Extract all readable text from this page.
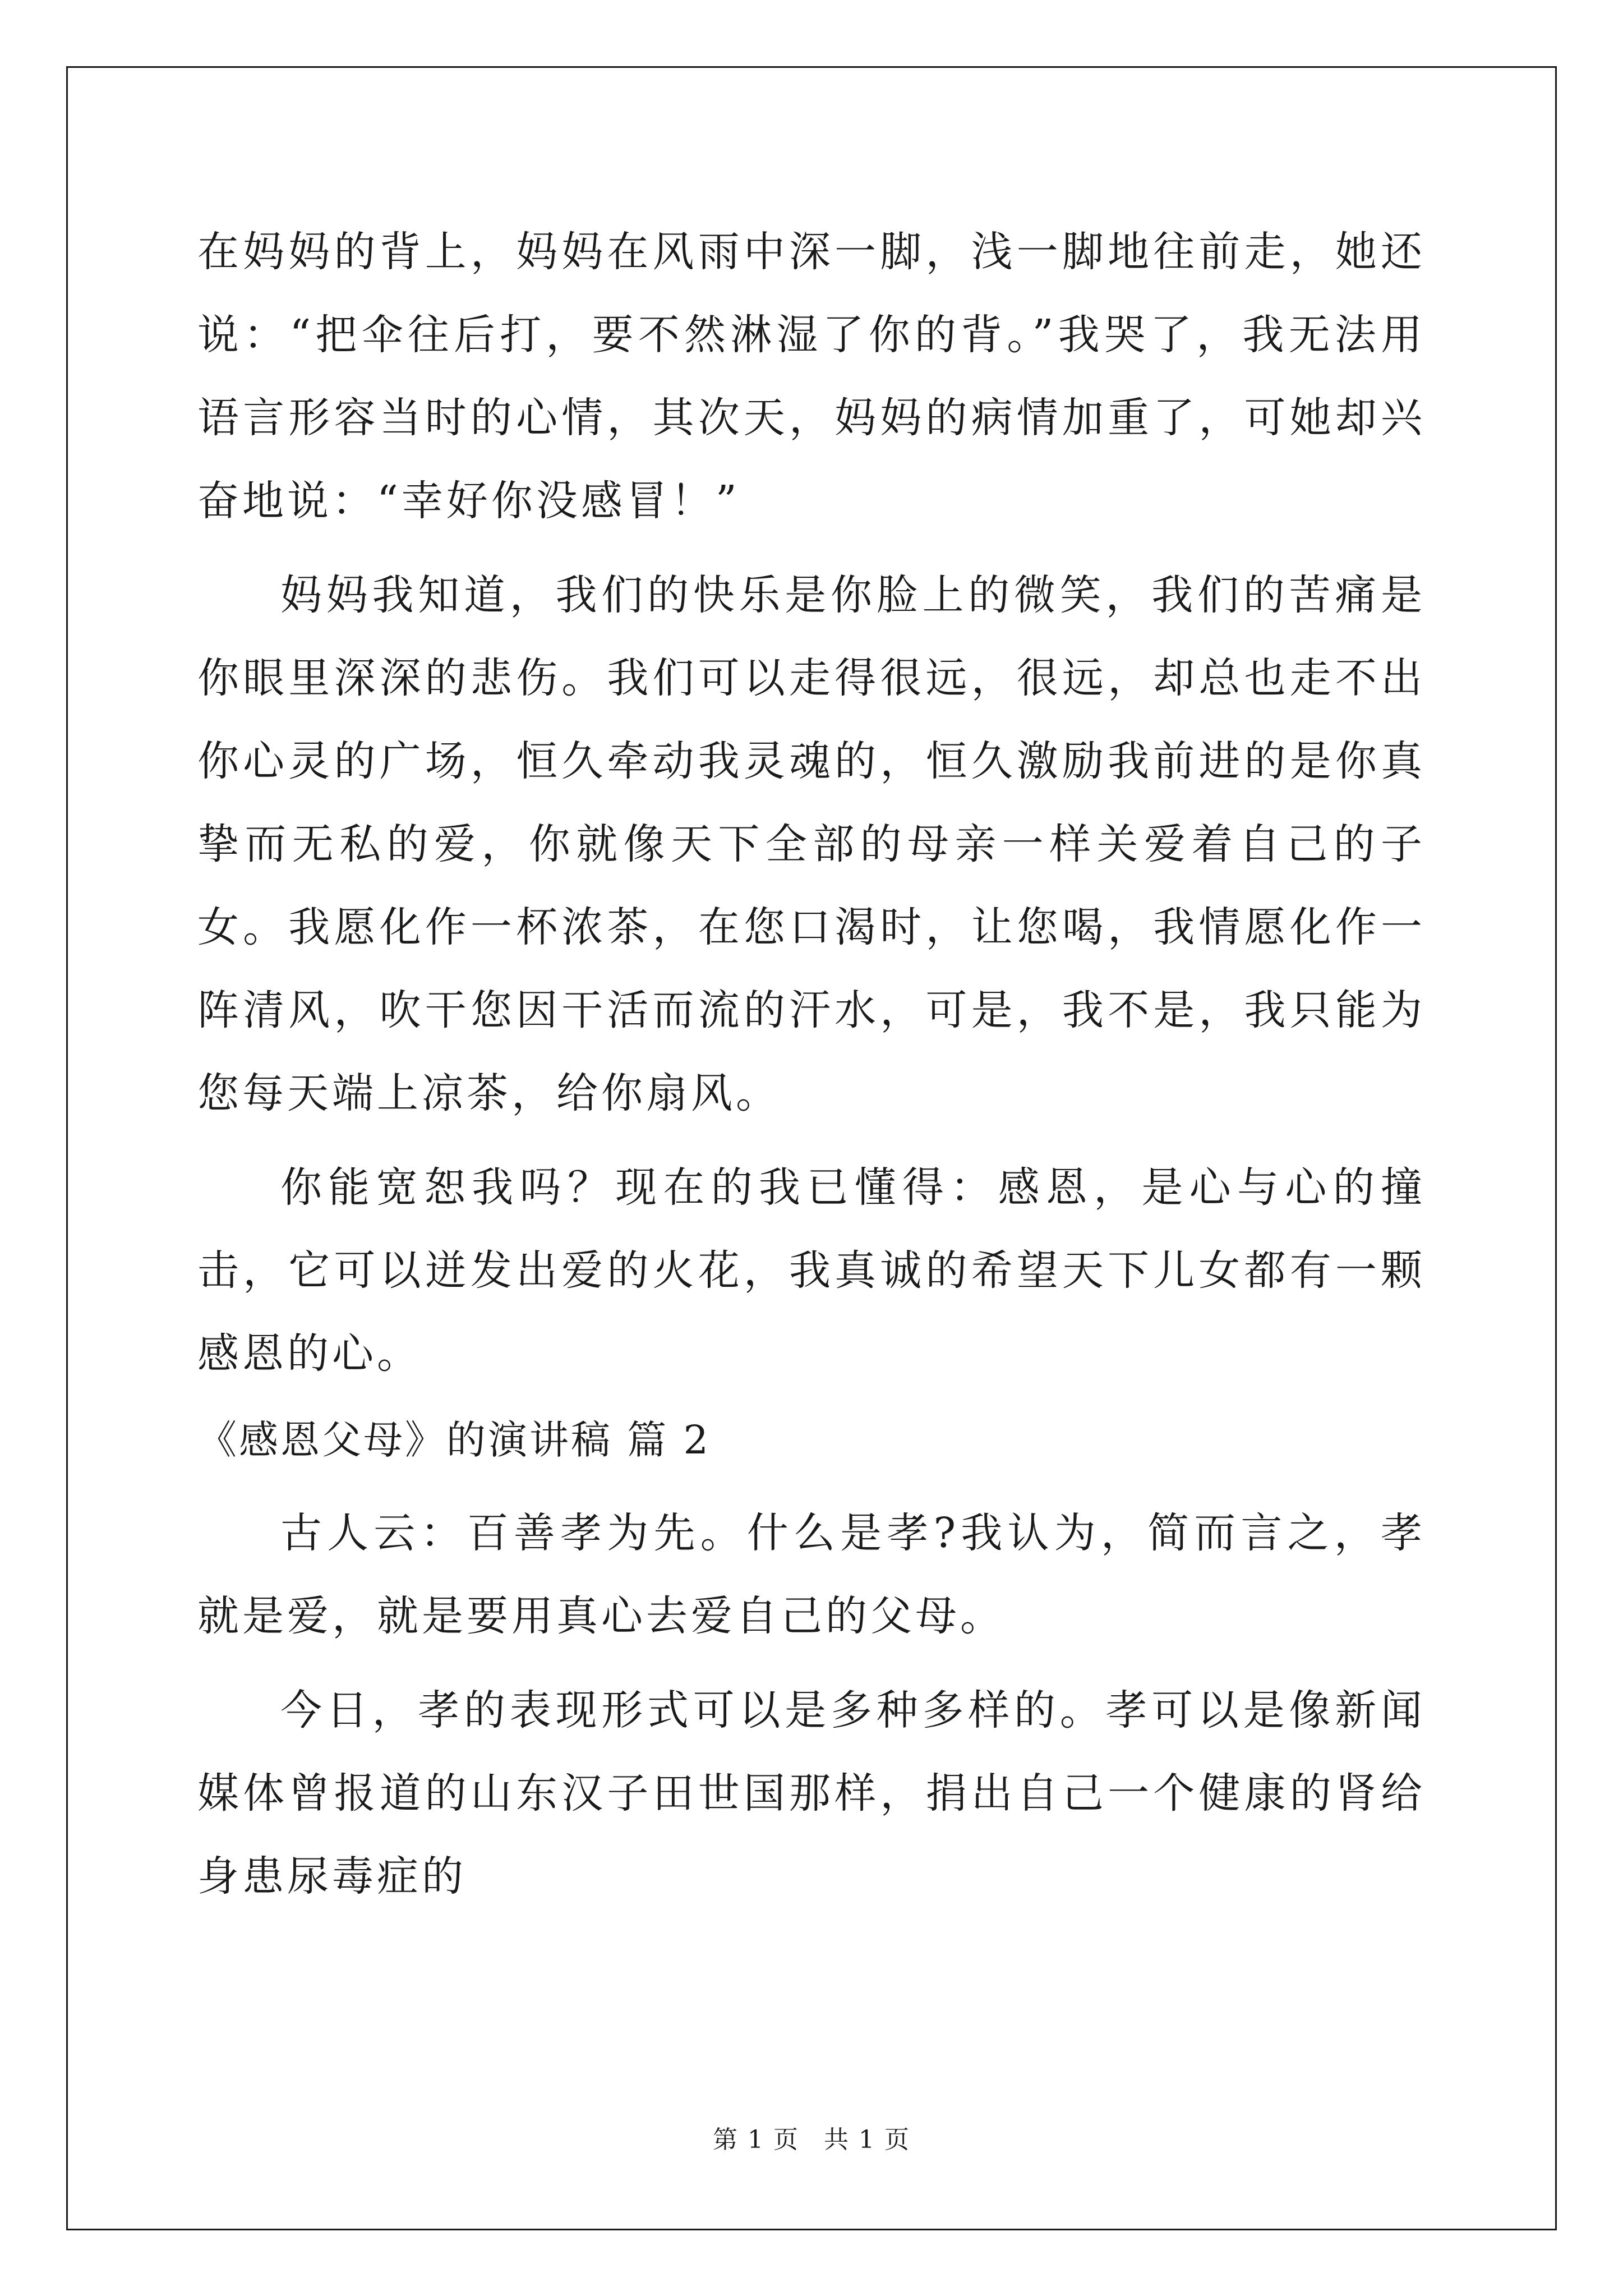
在妈妈的背上，妈妈在风雨中深一脚，浅一脚地往前走，她还说：“把伞往后打，要不然淋湿了你的背。”我哭了，我无法用语言形容当时的心情，其次天，妈妈的病情加重了，可她却兴奋地说：“幸好你没感冒！”

妈妈我知道，我们的快乐是你脸上的微笑，我们的苦痛是你眼里深深的悲伤。我们可以走得很远，很远，却总也走不出你心灵的广场，恒久牵动我灵魂的，恒久激励我前进的是你真挚而无私的爱，你就像天下全部的母亲一样关爱着自己的子女。我愿化作一杯浓茶，在您口渴时，让您喝，我情愿化作一阵清风，吹干您因干活而流的汗水，可是，我不是，我只能为您每天端上凉茶，给你扇风。

你能宽恕我吗？现在的我已懂得：感恩，是心与心的撞击，它可以迸发出爱的火花，我真诚的希望天下儿女都有一颗感恩的心。

《感恩父母》的演讲稿 篇 2

古人云：百善孝为先。什么是孝?我认为，简而言之，孝就是爱，就是要用真心去爱自己的父母。

今日，孝的表现形式可以是多种多样的。孝可以是像新闻媒体曾报道的山东汉子田世国那样，捐出自己一个健康的肾给身患尿毒症的

第 1 页 共 1 页
